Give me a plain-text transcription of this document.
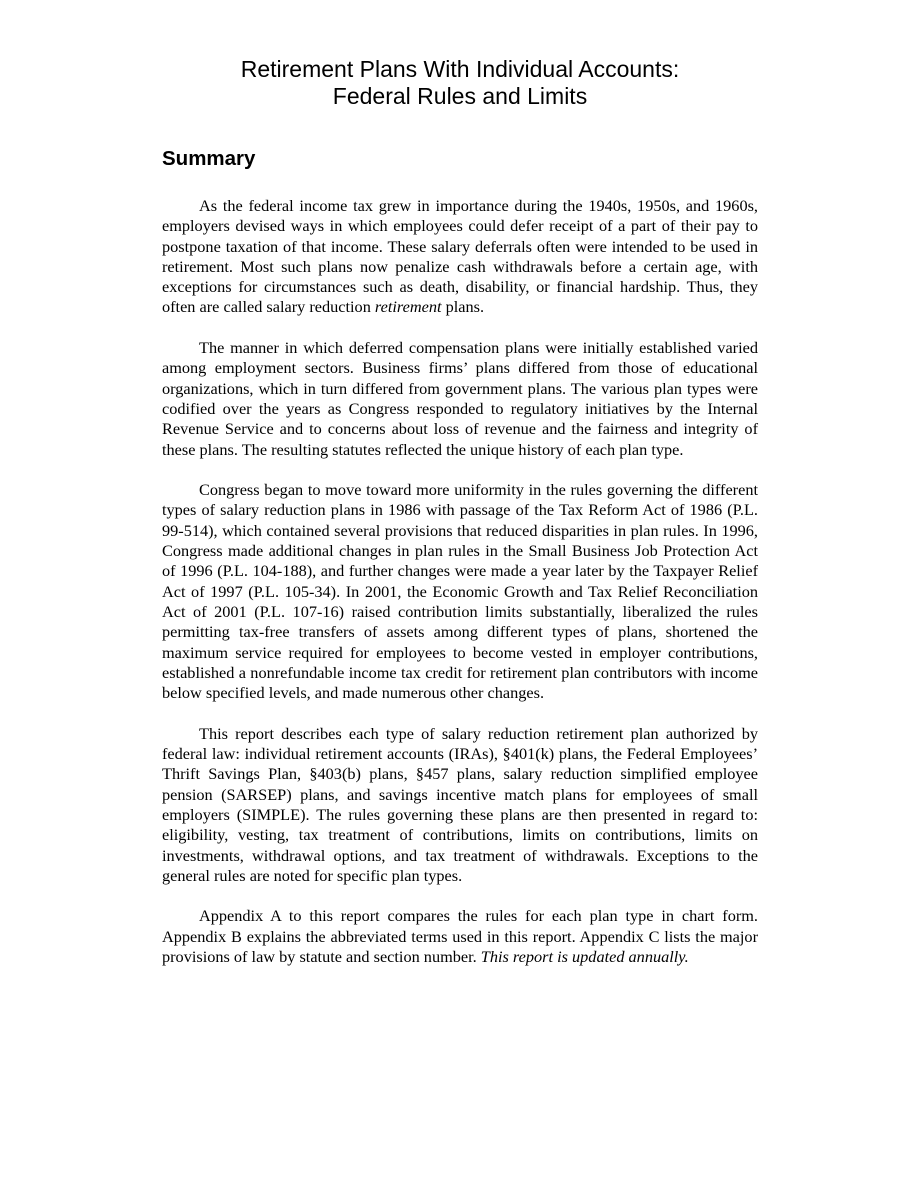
Retirement Plans With Individual Accounts:
Federal Rules and Limits
Summary

As the federal income tax grew in importance during the 1940s, 1950s, and 1960s, employers devised ways in which employees could defer receipt of a part of their pay to postpone taxation of that income. These salary deferrals often were intended to be used in retirement. Most such plans now penalize cash withdrawals before a certain age, with exceptions for circumstances such as death, disability, or financial hardship. Thus, they often are called salary reduction retirement plans.

The manner in which deferred compensation plans were initially established varied among employment sectors. Business firms’ plans differed from those of educational organizations, which in turn differed from government plans. The various plan types were codified over the years as Congress responded to regulatory initiatives by the Internal Revenue Service and to concerns about loss of revenue and the fairness and integrity of these plans. The resulting statutes reflected the unique history of each plan type.

Congress began to move toward more uniformity in the rules governing the different types of salary reduction plans in 1986 with passage of the Tax Reform Act of 1986 (P.L. 99-514), which contained several provisions that reduced disparities in plan rules. In 1996, Congress made additional changes in plan rules in the Small Business Job Protection Act of 1996 (P.L. 104-188), and further changes were made a year later by the Taxpayer Relief Act of 1997 (P.L. 105-34). In 2001, the Economic Growth and Tax Relief Reconciliation Act of 2001 (P.L. 107-16) raised contribution limits substantially, liberalized the rules permitting tax-free transfers of assets among different types of plans, shortened the maximum service required for employees to become vested in employer contributions, established a nonrefundable income tax credit for retirement plan contributors with income below specified levels, and made numerous other changes.

This report describes each type of salary reduction retirement plan authorized by federal law: individual retirement accounts (IRAs), §401(k) plans, the Federal Employees’ Thrift Savings Plan, §403(b) plans, §457 plans, salary reduction simplified employee pension (SARSEP) plans, and savings incentive match plans for employees of small employers (SIMPLE). The rules governing these plans are then presented in regard to: eligibility, vesting, tax treatment of contributions, limits on contributions, limits on investments, withdrawal options, and tax treatment of withdrawals. Exceptions to the general rules are noted for specific plan types.

Appendix A to this report compares the rules for each plan type in chart form. Appendix B explains the abbreviated terms used in this report. Appendix C lists the major provisions of law by statute and section number. This report is updated annually.
